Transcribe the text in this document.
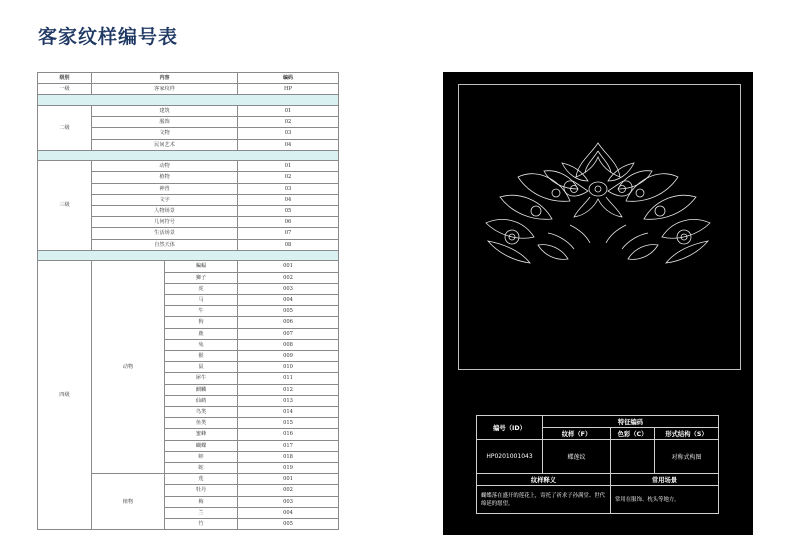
客家纹样编号表
级别	内容		编码
一级	客家纹样		HP

二级	建筑		01
	服饰		02
	文物		03
	民间艺术		04

三级	动物		01
	植物		02
	神兽		03
	文字		04
	人物场景		05
	几何符号		06
	生活场景		07
	自然天体		08

四级	动物	蝙蝠	001
		狮子	002
		虎	003
		马	004
		牛	005
		狗	006
		鹿	007
		兔	008
		猴	009
		鼠	010
		犀牛	011
		麒麟	012
		仙鹤	013
		鸟类	014
		鱼类	015
		蜜蜂	016
		蝴蝶	017
		蚌	018
		蛇	019
	植物	莲	001
		牡丹	002
		梅	003
		兰	004
		竹	005
编号（ID）	特征编码		
	纹样（F）	色彩（C）	形式结构（S）
HP0201001043	蝶莲纹		对称式构图
纹样释义		常用场景	
蝴蝶落在盛开的莲花上，寄托了祈求子孙满堂、世代绵延的愿望。		常用在服饰、枕头等地方。	
